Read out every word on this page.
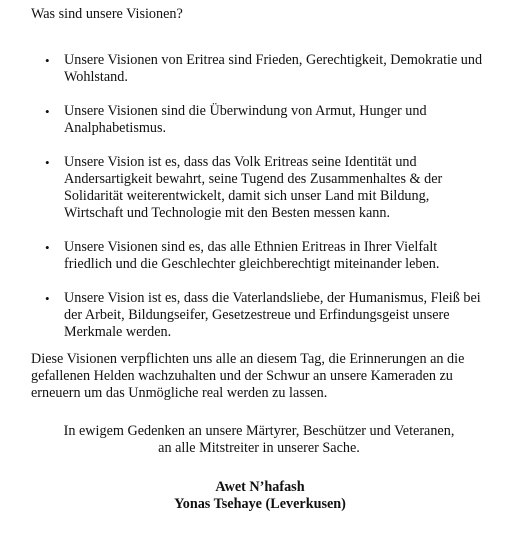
Was sind unsere Visionen?
• Unsere Visionen von Eritrea sind Frieden, Gerechtigkeit, Demokratie und
Wohlstand.
• Unsere Visionen sind die Überwindung von Armut, Hunger und
Analphabetismus.
• Unsere Vision ist es, dass das Volk Eritreas seine Identität und
Andersartigkeit bewahrt, seine Tugend des Zusammenhaltes & der
Solidarität weiterentwickelt, damit sich unser Land mit Bildung,
Wirtschaft und Technologie mit den Besten messen kann.
• Unsere Visionen sind es, das alle Ethnien Eritreas in Ihrer Vielfalt
friedlich und die Geschlechter gleichberechtigt miteinander leben.
• Unsere Vision ist es, dass die Vaterlandsliebe, der Humanismus, Fleiß bei
der Arbeit, Bildungseifer, Gesetzestreue und Erfindungsgeist unsere
Merkmale werden.
Diese Visionen verpflichten uns alle an diesem Tag, die Erinnerungen an die
gefallenen Helden wachzuhalten und der Schwur an unsere Kameraden zu
erneuern um das Unmögliche real werden zu lassen.
In ewigem Gedenken an unsere Märtyrer, Beschützer und Veteranen,
an alle Mitstreiter in unserer Sache.
Awet N’hafash
Yonas Tsehaye (Leverkusen)
